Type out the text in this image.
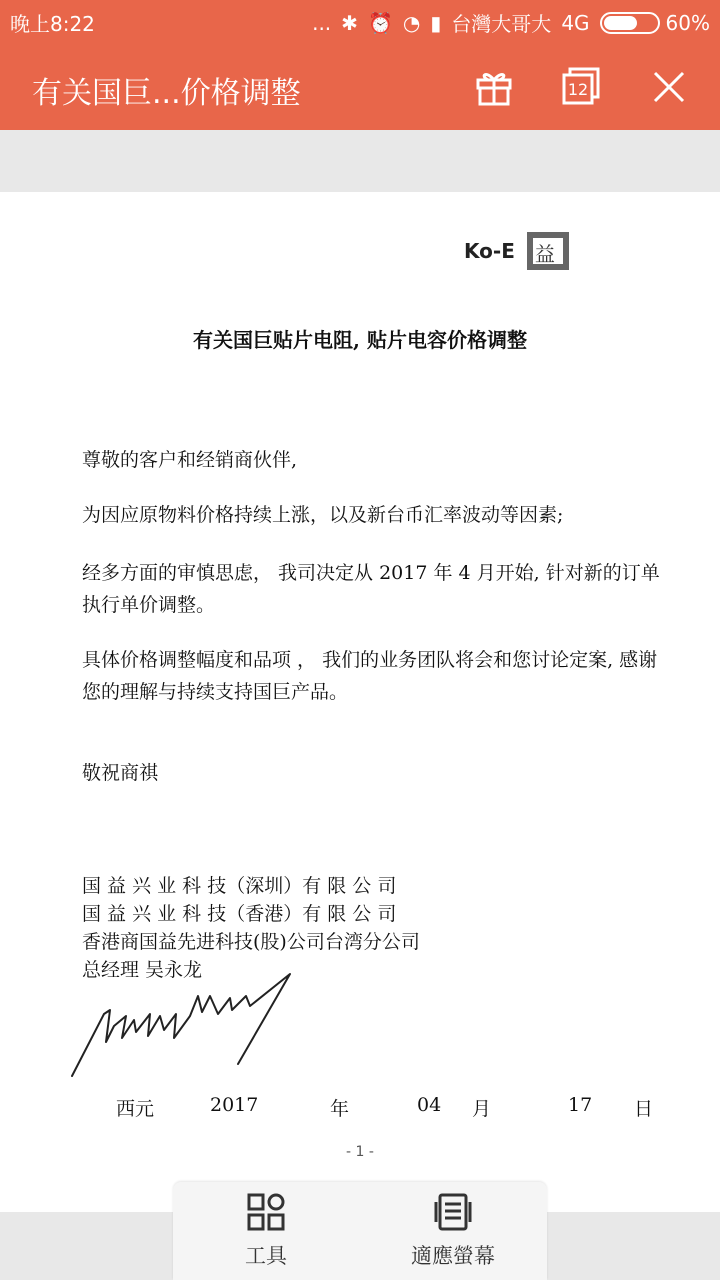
晚上8:22	... ✱ ⏰ ◔ ▮ 台灣大哥大 4G	60%
有关国巨...价格调整	12
Ko-E 益
有关国巨贴片电阻, 贴片电容价格调整
尊敬的客户和经销商伙伴,
为因应原物料价格持续上涨，以及新台币汇率波动等因素;
经多方面的审慎思虑， 我司决定从 2017 年 4 月开始, 针对新的订单执行单价调整。
具体价格调整幅度和品项 ， 我们的业务团队将会和您讨论定案, 感谢您的理解与持续支持国巨产品。
敬祝商祺
国 益 兴 业 科 技（深圳）有 限 公 司
国 益 兴 业 科 技（香港）有 限 公 司
香港商国益先进科技(股)公司台湾分公司
总经理 吴永龙
西元	2017	年	04 月	17 日
- 1 -
工具	適應螢幕
